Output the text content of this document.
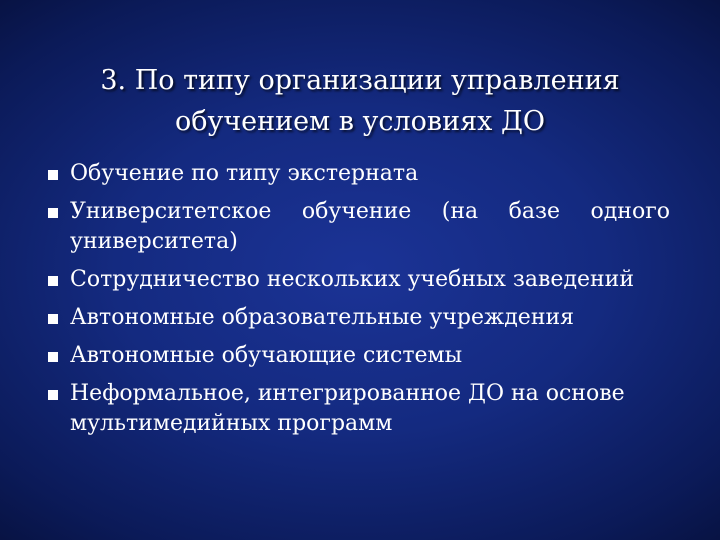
3. По типу организации управления
обучением в условиях ДО
Обучение по типу экстерната
Университетское обучение (на базе одного
университета)
Сотрудничество нескольких учебных заведений
Автономные образовательные учреждения
Автономные обучающие системы
Неформальное, интегрированное ДО на основе
мультимедийных программ
